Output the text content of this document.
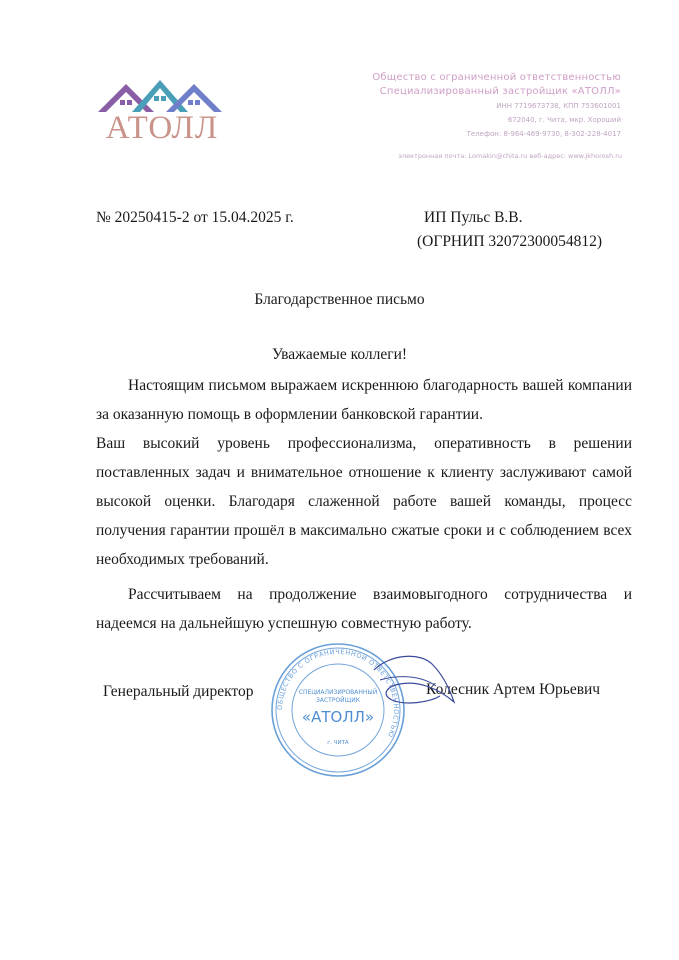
АТОЛЛ
Общество с ограниченной ответственностью
Специализированный застройщик «АТОЛЛ»
ИНН 7719673738, КПП 753601001
672040, г. Чита, мкр. Хороший
Телефон: 8-964-469-9730, 8-302-228-4017
электронная почта: Lomakin@chita.ru веб-адрес: www.jkhorosh.ru
№ 20250415-2 от 15.04.2025 г.	ИП Пульс В.В.
(ОГРНИП 32072300054812)
Благодарственное письмо
Уважаемые коллеги!

Настоящим письмом выражаем искреннюю благодарность вашей компании за оказанную помощь в оформлении банковской гарантии.

Ваш высокий уровень профессионализма, оперативность в решении поставленных задач и внимательное отношение к клиенту заслуживают самой высокой оценки. Благодаря слаженной работе вашей команды, процесс получения гарантии прошёл в максимально сжатые сроки и с соблюдением всех необходимых требований.

Рассчитываем на продолжение взаимовыгодного сотрудничества и надеемся на дальнейшую успешную совместную работу.

Генеральный директор	Колесник Артем Юрьевич
ОБЩЕСТВО С ОГРАНИЧЕННОЙ ОТВЕТСТВЕННОСТЬЮ
СПЕЦИАЛИЗИРОВАННЫЙ
ЗАСТРОЙЩИК
«АТОЛЛ»
г. ЧИТА
